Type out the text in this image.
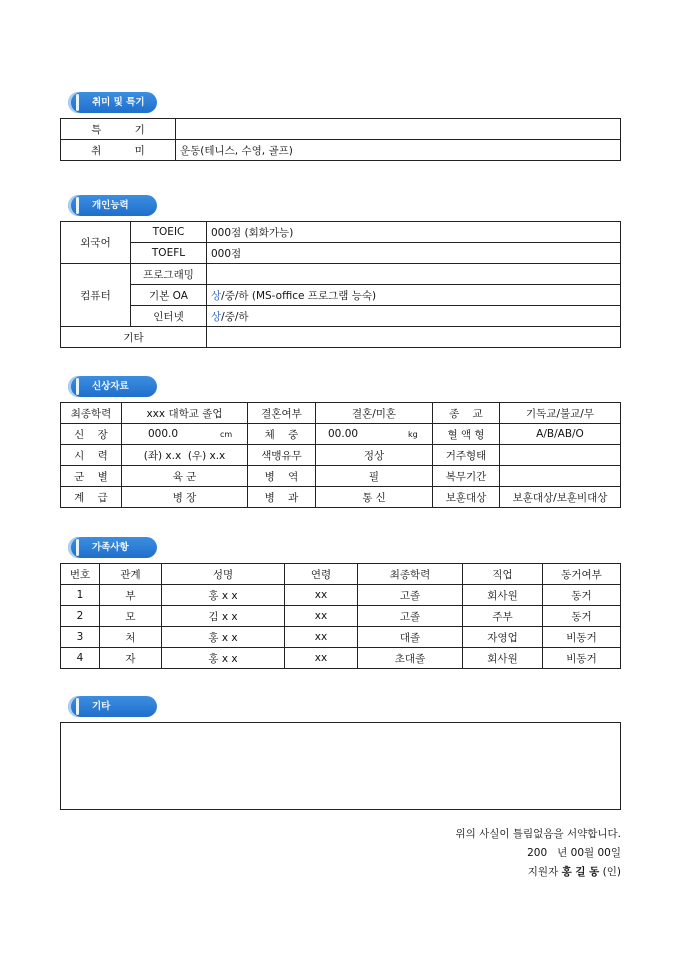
취미 및 특기
특          기	
취          미	운동(테니스, 수영, 골프)
개인능력
외국어	TOEIC	000점 (회화가능)
	TOEFL	000점
컴퓨터	프로그래밍	
	기본 OA	상/중/하 (MS-office 프로그램 능숙)
	인터넷	상/중/하
기타		
신상자료
최종학력	xxx 대학교 졸업	결혼여부	결혼/미혼	종    교	기독교/불교/무
신    장	000.0 cm	체    중	00.00 kg	혈 액 형	A/B/AB/O
시    력	(좌) x.x  (우) x.x	색맹유무	정상	거주형태	
군    별	육 군	병    역	필	복무기간	
계    급	병 장	병    과	통 신	보훈대상	보훈대상/보훈비대상
가족사항
번호	관계	성명	연령	최종학력	직업	동거여부
1	부	홍 x x	xx	고졸	회사원	동거
2	모	김 x x	xx	고졸	주부	동거
3	처	홍 x x	xx	대졸	자영업	비동거
4	자	홍 x x	xx	초대졸	회사원	비동거
기타
위의 사실이 틀림없음을 서약합니다.
200   년 00월 00일
지원자 홍 길 동 (인)
